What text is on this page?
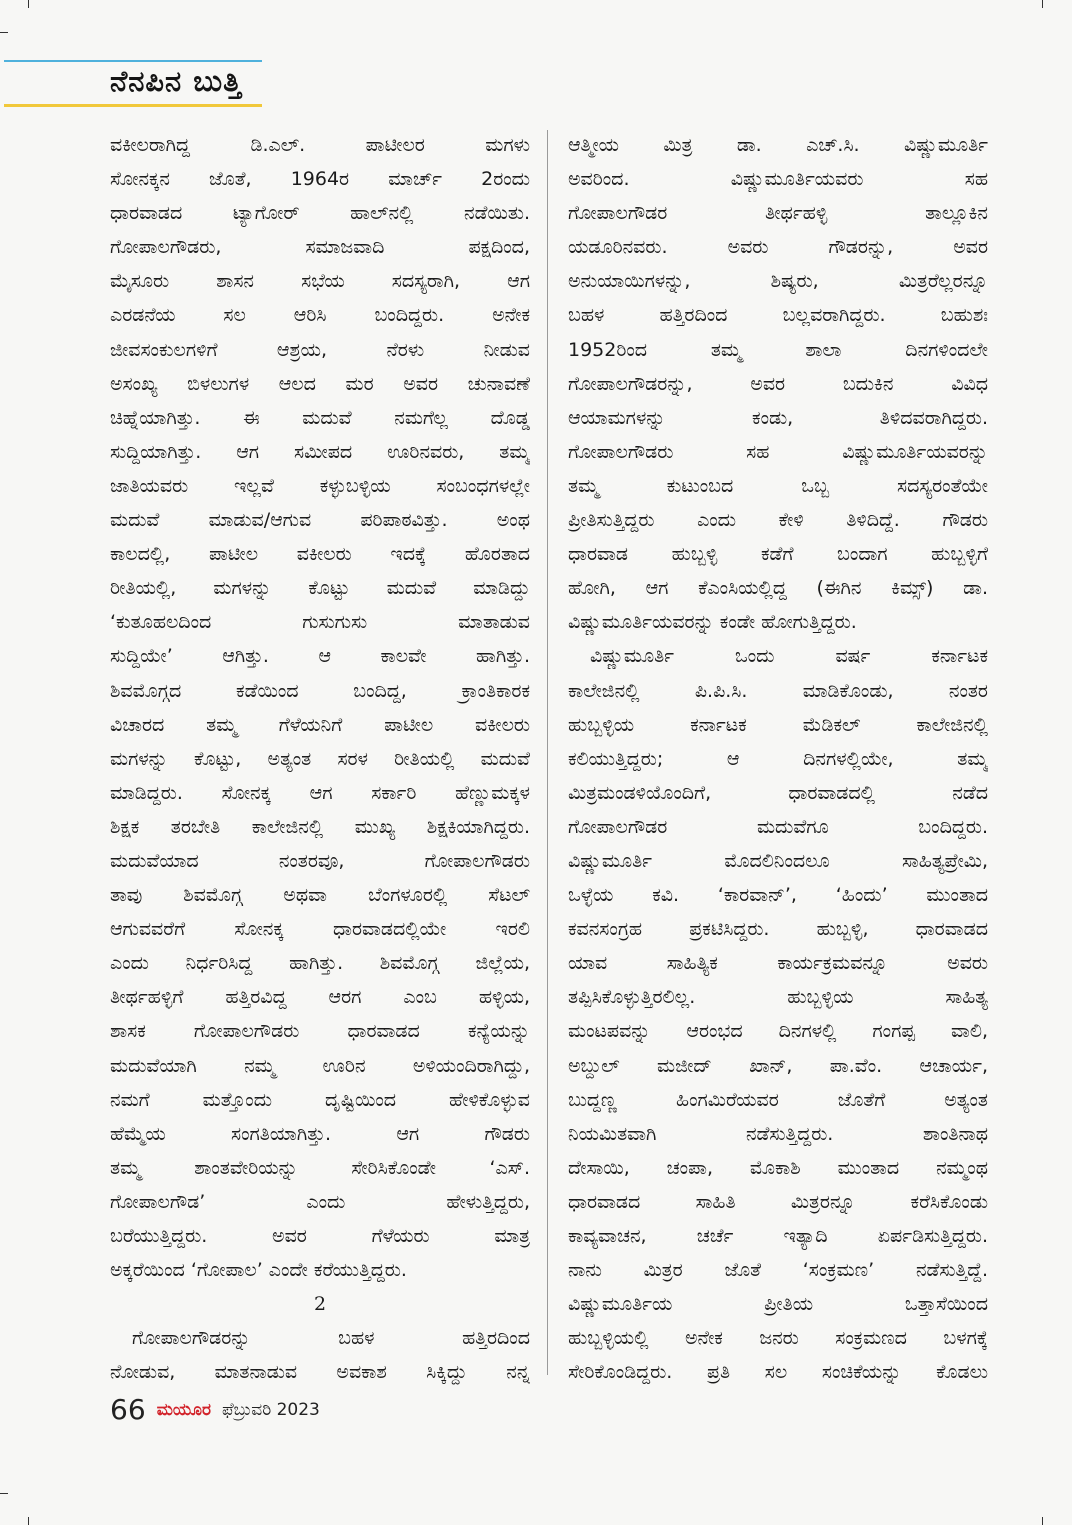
ನೆನಪಿನ ಬುತ್ತಿ
ವಕೀಲರಾಗಿದ್ದ ಡಿ.ಎಲ್. ಪಾಟೀಲರ ಮಗಳು
ಸೋನಕ್ಕನ ಜೊತೆ, 1964ರ ಮಾರ್ಚ್ 2ರಂದು
ಧಾರವಾಡದ ಟ್ಯಾಗೋರ್ ಹಾಲ್‌ನಲ್ಲಿ ನಡೆಯಿತು.
ಗೋಪಾಲಗೌಡರು, ಸಮಾಜವಾದಿ ಪಕ್ಷದಿಂದ,
ಮೈಸೂರು ಶಾಸನ ಸಭೆಯ ಸದಸ್ಯರಾಗಿ, ಆಗ
ಎರಡನೆಯ ಸಲ ಆರಿಸಿ ಬಂದಿದ್ದರು. ಅನೇಕ
ಜೀವಸಂಕುಲಗಳಿಗೆ ಆಶ್ರಯ, ನೆರಳು ನೀಡುವ
ಅಸಂಖ್ಯ ಬಿಳಲುಗಳ ಆಲದ ಮರ ಅವರ ಚುನಾವಣೆ
ಚಿಹ್ನೆಯಾಗಿತ್ತು. ಈ ಮದುವೆ ನಮಗೆಲ್ಲ ದೊಡ್ಡ
ಸುದ್ದಿಯಾಗಿತ್ತು. ಆಗ ಸಮೀಪದ ಊರಿನವರು, ತಮ್ಮ
ಜಾತಿಯವರು ಇಲ್ಲವೆ ಕಳ್ಳುಬಳ್ಳಿಯ ಸಂಬಂಧಗಳಲ್ಲೇ
ಮದುವೆ ಮಾಡುವ/ಆಗುವ ಪರಿಪಾಠವಿತ್ತು. ಅಂಥ
ಕಾಲದಲ್ಲಿ, ಪಾಟೀಲ ವಕೀಲರು ಇದಕ್ಕೆ ಹೊರತಾದ
ರೀತಿಯಲ್ಲಿ, ಮಗಳನ್ನು ಕೊಟ್ಟು ಮದುವೆ ಮಾಡಿದ್ದು
‘ಕುತೂಹಲದಿಂದ ಗುಸುಗುಸು ಮಾತಾಡುವ
ಸುದ್ದಿಯೇ’ ಆಗಿತ್ತು. ಆ ಕಾಲವೇ ಹಾಗಿತ್ತು.
ಶಿವಮೊಗ್ಗದ ಕಡೆಯಿಂದ ಬಂದಿದ್ದ, ಕ್ರಾಂತಿಕಾರಕ
ವಿಚಾರದ ತಮ್ಮ ಗೆಳೆಯನಿಗೆ ಪಾಟೀಲ ವಕೀಲರು
ಮಗಳನ್ನು ಕೊಟ್ಟು, ಅತ್ಯಂತ ಸರಳ ರೀತಿಯಲ್ಲಿ ಮದುವೆ
ಮಾಡಿದ್ದರು. ಸೋನಕ್ಕ ಆಗ ಸರ್ಕಾರಿ ಹೆಣ್ಣುಮಕ್ಕಳ
ಶಿಕ್ಷಕ ತರಬೇತಿ ಕಾಲೇಜಿನಲ್ಲಿ ಮುಖ್ಯ ಶಿಕ್ಷಕಿಯಾಗಿದ್ದರು.
ಮದುವೆಯಾದ ನಂತರವೂ, ಗೋಪಾಲಗೌಡರು
ತಾವು ಶಿವಮೊಗ್ಗ ಅಥವಾ ಬೆಂಗಳೂರಲ್ಲಿ ಸೆಟಲ್
ಆಗುವವರೆಗೆ ಸೋನಕ್ಕ ಧಾರವಾಡದಲ್ಲಿಯೇ ಇರಲಿ
ಎಂದು ನಿರ್ಧರಿಸಿದ್ದ ಹಾಗಿತ್ತು. ಶಿವಮೊಗ್ಗ ಜಿಲ್ಲೆಯ,
ತೀರ್ಥಹಳ್ಳಿಗೆ ಹತ್ತಿರವಿದ್ದ ಆರಗ ಎಂಬ ಹಳ್ಳಿಯ,
ಶಾಸಕ ಗೋಪಾಲಗೌಡರು ಧಾರವಾಡದ ಕನ್ಯೆಯನ್ನು
ಮದುವೆಯಾಗಿ ನಮ್ಮ ಊರಿನ ಅಳಿಯಂದಿರಾಗಿದ್ದು,
ನಮಗೆ ಮತ್ತೊಂದು ದೃಷ್ಟಿಯಿಂದ ಹೇಳಿಕೊಳ್ಳುವ
ಹೆಮ್ಮೆಯ ಸಂಗತಿಯಾಗಿತ್ತು. ಆಗ ಗೌಡರು
ತಮ್ಮ ಶಾಂತವೇರಿಯನ್ನು ಸೇರಿಸಿಕೊಂಡೇ ‘ಎಸ್.
ಗೋಪಾಲಗೌಡ’ ಎಂದು ಹೇಳುತ್ತಿದ್ದರು,
ಬರೆಯುತ್ತಿದ್ದರು. ಅವರ ಗೆಳೆಯರು ಮಾತ್ರ
ಅಕ್ಕರೆಯಿಂದ ‘ಗೋಪಾಲ’ ಎಂದೇ ಕರೆಯುತ್ತಿದ್ದರು.
2
ಗೋಪಾಲಗೌಡರನ್ನು ಬಹಳ ಹತ್ತಿರದಿಂದ
ನೋಡುವ, ಮಾತನಾಡುವ ಅವಕಾಶ ಸಿಕ್ಕಿದ್ದು ನನ್ನ
ಆತ್ಮೀಯ ಮಿತ್ರ ಡಾ. ಎಚ್.ಸಿ. ವಿಷ್ಣುಮೂರ್ತಿ
ಅವರಿಂದ. ವಿಷ್ಣುಮೂರ್ತಿಯವರು ಸಹ
ಗೋಪಾಲಗೌಡರ ತೀರ್ಥಹಳ್ಳಿ ತಾಲ್ಲೂಕಿನ
ಯಡೂರಿನವರು. ಅವರು ಗೌಡರನ್ನು, ಅವರ
ಅನುಯಾಯಿಗಳನ್ನು, ಶಿಷ್ಯರು, ಮಿತ್ರರೆಲ್ಲರನ್ನೂ
ಬಹಳ ಹತ್ತಿರದಿಂದ ಬಲ್ಲವರಾಗಿದ್ದರು. ಬಹುಶಃ
1952ರಿಂದ ತಮ್ಮ ಶಾಲಾ ದಿನಗಳಿಂದಲೇ
ಗೋಪಾಲಗೌಡರನ್ನು, ಅವರ ಬದುಕಿನ ವಿವಿಧ
ಆಯಾಮಗಳನ್ನು ಕಂಡು, ತಿಳಿದವರಾಗಿದ್ದರು.
ಗೋಪಾಲಗೌಡರು ಸಹ ವಿಷ್ಣುಮೂರ್ತಿಯವರನ್ನು
ತಮ್ಮ ಕುಟುಂಬದ ಒಬ್ಬ ಸದಸ್ಯರಂತೆಯೇ
ಪ್ರೀತಿಸುತ್ತಿದ್ದರು ಎಂದು ಕೇಳಿ ತಿಳಿದಿದ್ದೆ. ಗೌಡರು
ಧಾರವಾಡ ಹುಬ್ಬಳ್ಳಿ ಕಡೆಗೆ ಬಂದಾಗ ಹುಬ್ಬಳ್ಳಿಗೆ
ಹೋಗಿ, ಆಗ ಕೆಎಂಸಿಯಲ್ಲಿದ್ದ (ಈಗಿನ ಕಿಮ್ಸ್) ಡಾ.
ವಿಷ್ಣುಮೂರ್ತಿಯವರನ್ನು ಕಂಡೇ ಹೋಗುತ್ತಿದ್ದರು.
ವಿಷ್ಣುಮೂರ್ತಿ ಒಂದು ವರ್ಷ ಕರ್ನಾಟಕ
ಕಾಲೇಜಿನಲ್ಲಿ ಪಿ.ಪಿ.ಸಿ. ಮಾಡಿಕೊಂಡು, ನಂತರ
ಹುಬ್ಬಳ್ಳಿಯ ಕರ್ನಾಟಕ ಮೆಡಿಕಲ್ ಕಾಲೇಜಿನಲ್ಲಿ
ಕಲಿಯುತ್ತಿದ್ದರು; ಆ ದಿನಗಳಲ್ಲಿಯೇ, ತಮ್ಮ
ಮಿತ್ರಮಂಡಳಿಯೊಂದಿಗೆ, ಧಾರವಾಡದಲ್ಲಿ ನಡೆದ
ಗೋಪಾಲಗೌಡರ ಮದುವೆಗೂ ಬಂದಿದ್ದರು.
ವಿಷ್ಣುಮೂರ್ತಿ ಮೊದಲಿನಿಂದಲೂ ಸಾಹಿತ್ಯಪ್ರೇಮಿ,
ಒಳ್ಳೆಯ ಕವಿ. ‘ಕಾರವಾನ್’, ‘ಹಿಂದು’ ಮುಂತಾದ
ಕವನಸಂಗ್ರಹ ಪ್ರಕಟಿಸಿದ್ದರು. ಹುಬ್ಬಳ್ಳಿ, ಧಾರವಾಡದ
ಯಾವ ಸಾಹಿತ್ಯಿಕ ಕಾರ್ಯಕ್ರಮವನ್ನೂ ಅವರು
ತಪ್ಪಿಸಿಕೊಳ್ಳುತ್ತಿರಲಿಲ್ಲ. ಹುಬ್ಬಳ್ಳಿಯ ಸಾಹಿತ್ಯ
ಮಂಟಪವನ್ನು ಆರಂಭದ ದಿನಗಳಲ್ಲಿ ಗಂಗಪ್ಪ ವಾಲಿ,
ಅಬ್ದುಲ್ ಮಜೀದ್ ಖಾನ್, ಪಾ.ವೆಂ. ಆಚಾರ್ಯ,
ಬುದ್ದಣ್ಣ ಹಿಂಗಮಿರೆಯವರ ಜೊತೆಗೆ ಅತ್ಯಂತ
ನಿಯಮಿತವಾಗಿ ನಡೆಸುತ್ತಿದ್ದರು. ಶಾಂತಿನಾಥ
ದೇಸಾಯಿ, ಚಂಪಾ, ಮೊಕಾಶಿ ಮುಂತಾದ ನಮ್ಮಂಥ
ಧಾರವಾಡದ ಸಾಹಿತಿ ಮಿತ್ರರನ್ನೂ ಕರೆಸಿಕೊಂಡು
ಕಾವ್ಯವಾಚನ, ಚರ್ಚೆ ಇತ್ಯಾದಿ ಏರ್ಪಡಿಸುತ್ತಿದ್ದರು.
ನಾನು ಮಿತ್ರರ ಜೊತೆ ‘ಸಂಕ್ರಮಣ’ ನಡೆಸುತ್ತಿದ್ದೆ.
ವಿಷ್ಣುಮೂರ್ತಿಯ ಪ್ರೀತಿಯ ಒತ್ತಾಸೆಯಿಂದ
ಹುಬ್ಬಳ್ಳಿಯಲ್ಲಿ ಅನೇಕ ಜನರು ಸಂಕ್ರಮಣದ ಬಳಗಕ್ಕೆ
ಸೇರಿಕೊಂಡಿದ್ದರು. ಪ್ರತಿ ಸಲ ಸಂಚಿಕೆಯನ್ನು ಕೊಡಲು
66 ಮಯೂರ ಫೆಬ್ರುವರಿ 2023
